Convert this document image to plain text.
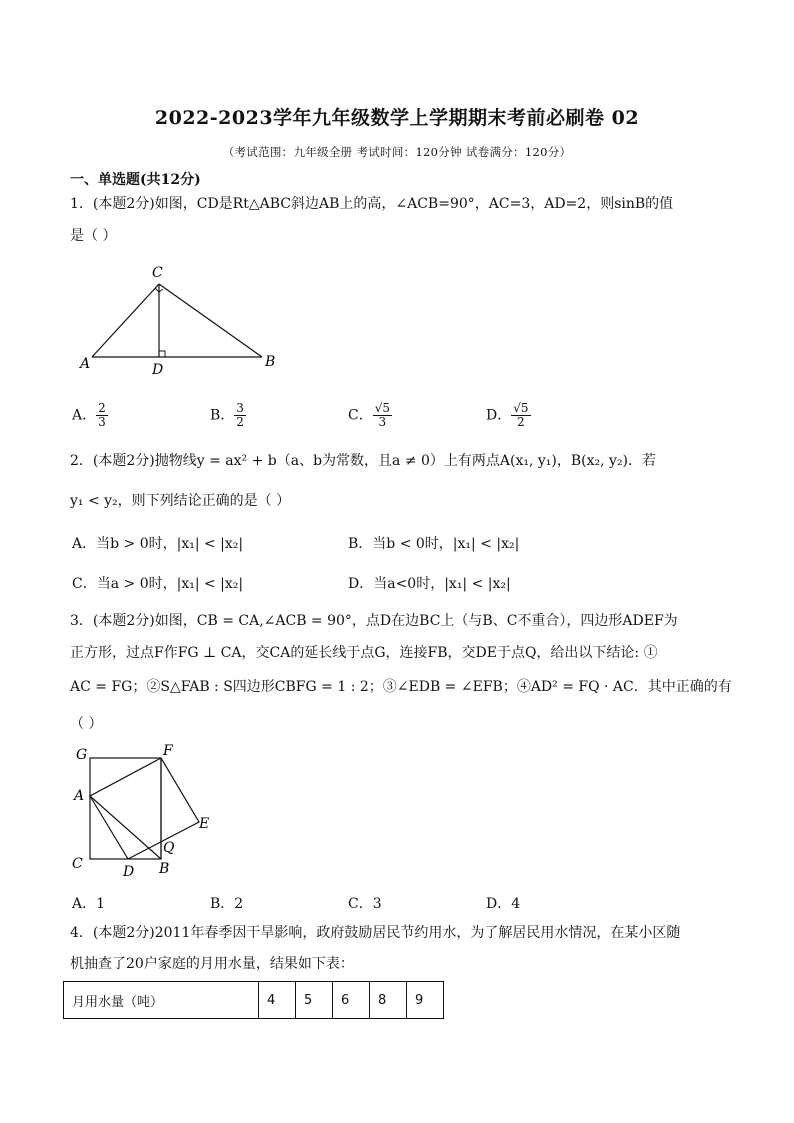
2022-2023学年九年级数学上学期期末考前必刷卷 02
（考试范围：九年级全册 考试时间：120分钟 试卷满分：120分）
一、单选题(共12分)
1．(本题2分)如图，CD是Rt△ABC斜边AB上的高，∠ACB=90°，AC=3，AD=2，则sinB的值
是（ ）
C
A	D	B
A． $\frac{2}{3}$	B． $\frac{3}{2}$	C． $\frac{√5}{3}$	D． $\frac{√5}{2}$
2．(本题2分)抛物线y = ax² + b（a、b为常数，且a ≠ 0）上有两点A(x₁, y₁)，B(x₂, y₂)．若
y₁ < y₂，则下列结论正确的是（ ）
A．当b > 0时，|x₁| < |x₂|	B．当b < 0时，|x₁| < |x₂|
C．当a > 0时，|x₁| < |x₂|	D．当a<0时，|x₁| < |x₂|
3．(本题2分)如图，CB = CA,∠ACB = 90°，点D在边BC上（与B、C不重合），四边形ADEF为
正方形，过点F作FG ⊥ CA，交CA的延长线于点G，连接FB，交DE于点Q，给出以下结论: ①
AC = FG；②S△FAB : S四边形CBFG = 1 : 2；③∠EDB = ∠EFB；④AD² = FQ · AC．其中正确的有
（ ）
G	F
A
E
Q
C	D B
A．1	B．2	C．3	D．4
4．(本题2分)2011年春季因干旱影响，政府鼓励居民节约用水，为了解居民用水情况，在某小区随
机抽查了20户家庭的月用水量，结果如下表：
月用水量（吨）	4	5	6	8	9
